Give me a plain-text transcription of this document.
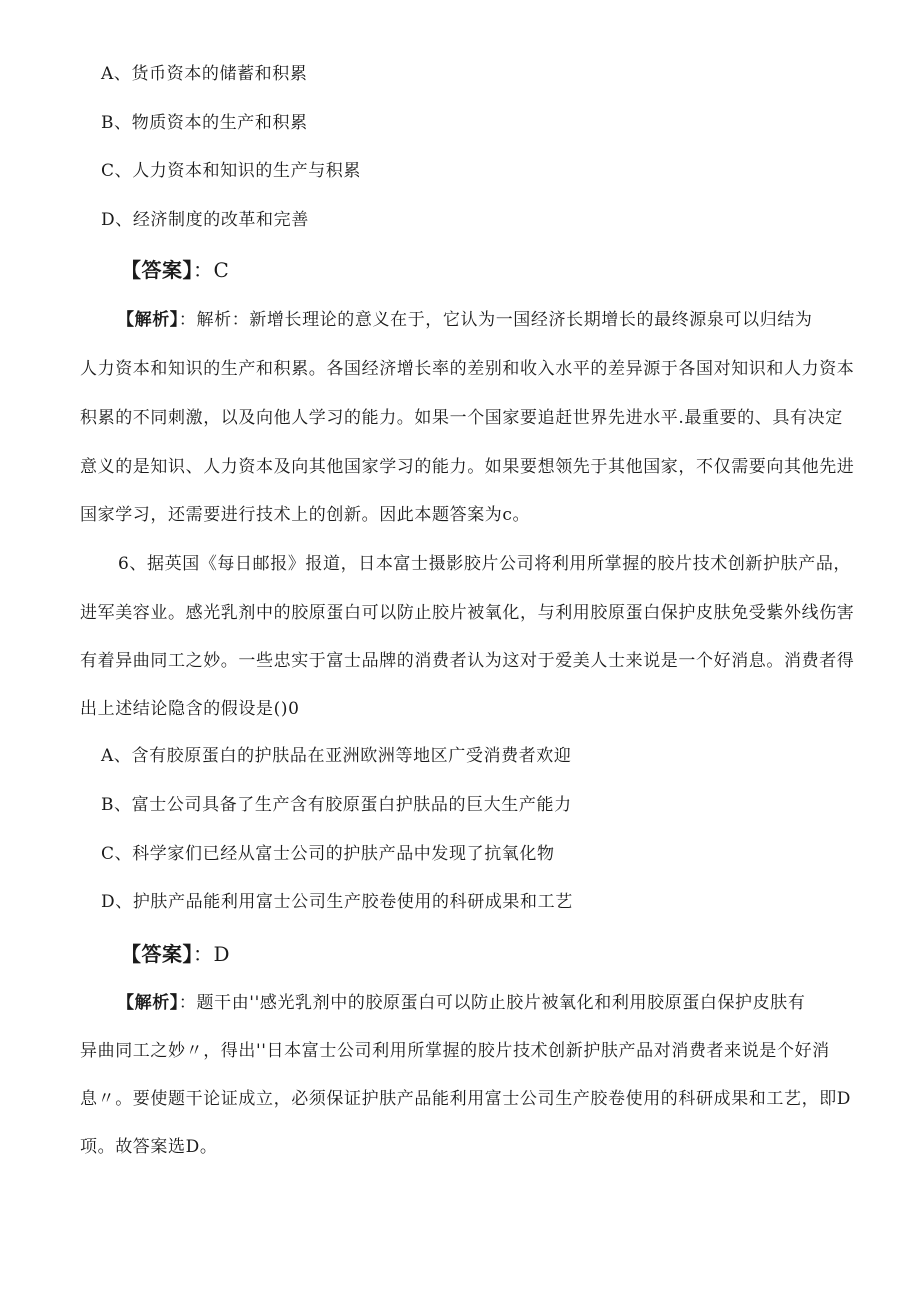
A、货币资本的储蓄和积累
B、物质资本的生产和积累
C、人力资本和知识的生产与积累
D、经济制度的改革和完善
【答案】：C
【解析】：解析：新增长理论的意义在于，它认为一国经济长期增长的最终源泉可以归结为
人力资本和知识的生产和积累。各国经济增长率的差别和收入水平的差异源于各国对知识和人力资本
积累的不同刺激，以及向他人学习的能力。如果一个国家要追赶世界先进水平.最重要的、具有决定
意义的是知识、人力资本及向其他国家学习的能力。如果要想领先于其他国家，不仅需要向其他先进
国家学习，还需要进行技术上的创新。因此本题答案为c。
6、据英国《每日邮报》报道，日本富士摄影胶片公司将利用所掌握的胶片技术创新护肤产品，
进军美容业。感光乳剂中的胶原蛋白可以防止胶片被氧化，与利用胶原蛋白保护皮肤免受紫外线伤害
有着异曲同工之妙。一些忠实于富士品牌的消费者认为这对于爱美人士来说是一个好消息。消费者得
出上述结论隐含的假设是()0
A、含有胶原蛋白的护肤品在亚洲欧洲等地区广受消费者欢迎
B、富士公司具备了生产含有胶原蛋白护肤品的巨大生产能力
C、科学家们已经从富士公司的护肤产品中发现了抗氧化物
D、护肤产品能利用富士公司生产胶卷使用的科研成果和工艺
【答案】：D
【解析】：题干由''感光乳剂中的胶原蛋白可以防止胶片被氧化和利用胶原蛋白保护皮肤有
异曲同工之妙〃，得出''日本富士公司利用所掌握的胶片技术创新护肤产品对消费者来说是个好消
息〃。要使题干论证成立，必须保证护肤产品能利用富士公司生产胶卷使用的科研成果和工艺，即D
项。故答案选D。
